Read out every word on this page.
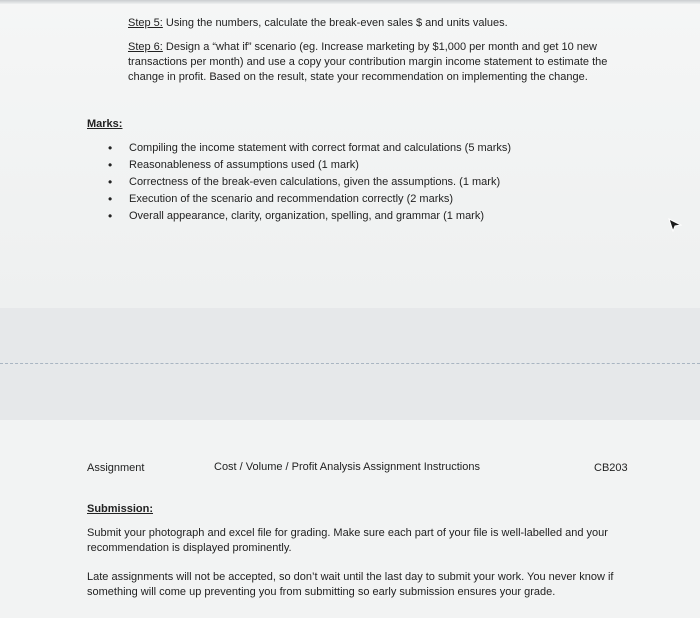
Step 5: Using the numbers, calculate the break-even sales $ and units values.
Step 6: Design a “what if” scenario (eg. Increase marketing by $1,000 per month and get 10 new transactions per month) and use a copy your contribution margin income statement to estimate the change in profit. Based on the result, state your recommendation on implementing the change.
Marks:
• Compiling the income statement with correct format and calculations (5 marks)
• Reasonableness of assumptions used (1 mark)
• Correctness of the break-even calculations, given the assumptions. (1 mark)
• Execution of the scenario and recommendation correctly (2 marks)
• Overall appearance, clarity, organization, spelling, and grammar (1 mark)
Assignment	Cost / Volume / Profit Analysis Assignment Instructions	CB203
Submission:
Submit your photograph and excel file for grading. Make sure each part of your file is well-labelled and your recommendation is displayed prominently.
Late assignments will not be accepted, so don’t wait until the last day to submit your work. You never know if something will come up preventing you from submitting so early submission ensures your grade.
